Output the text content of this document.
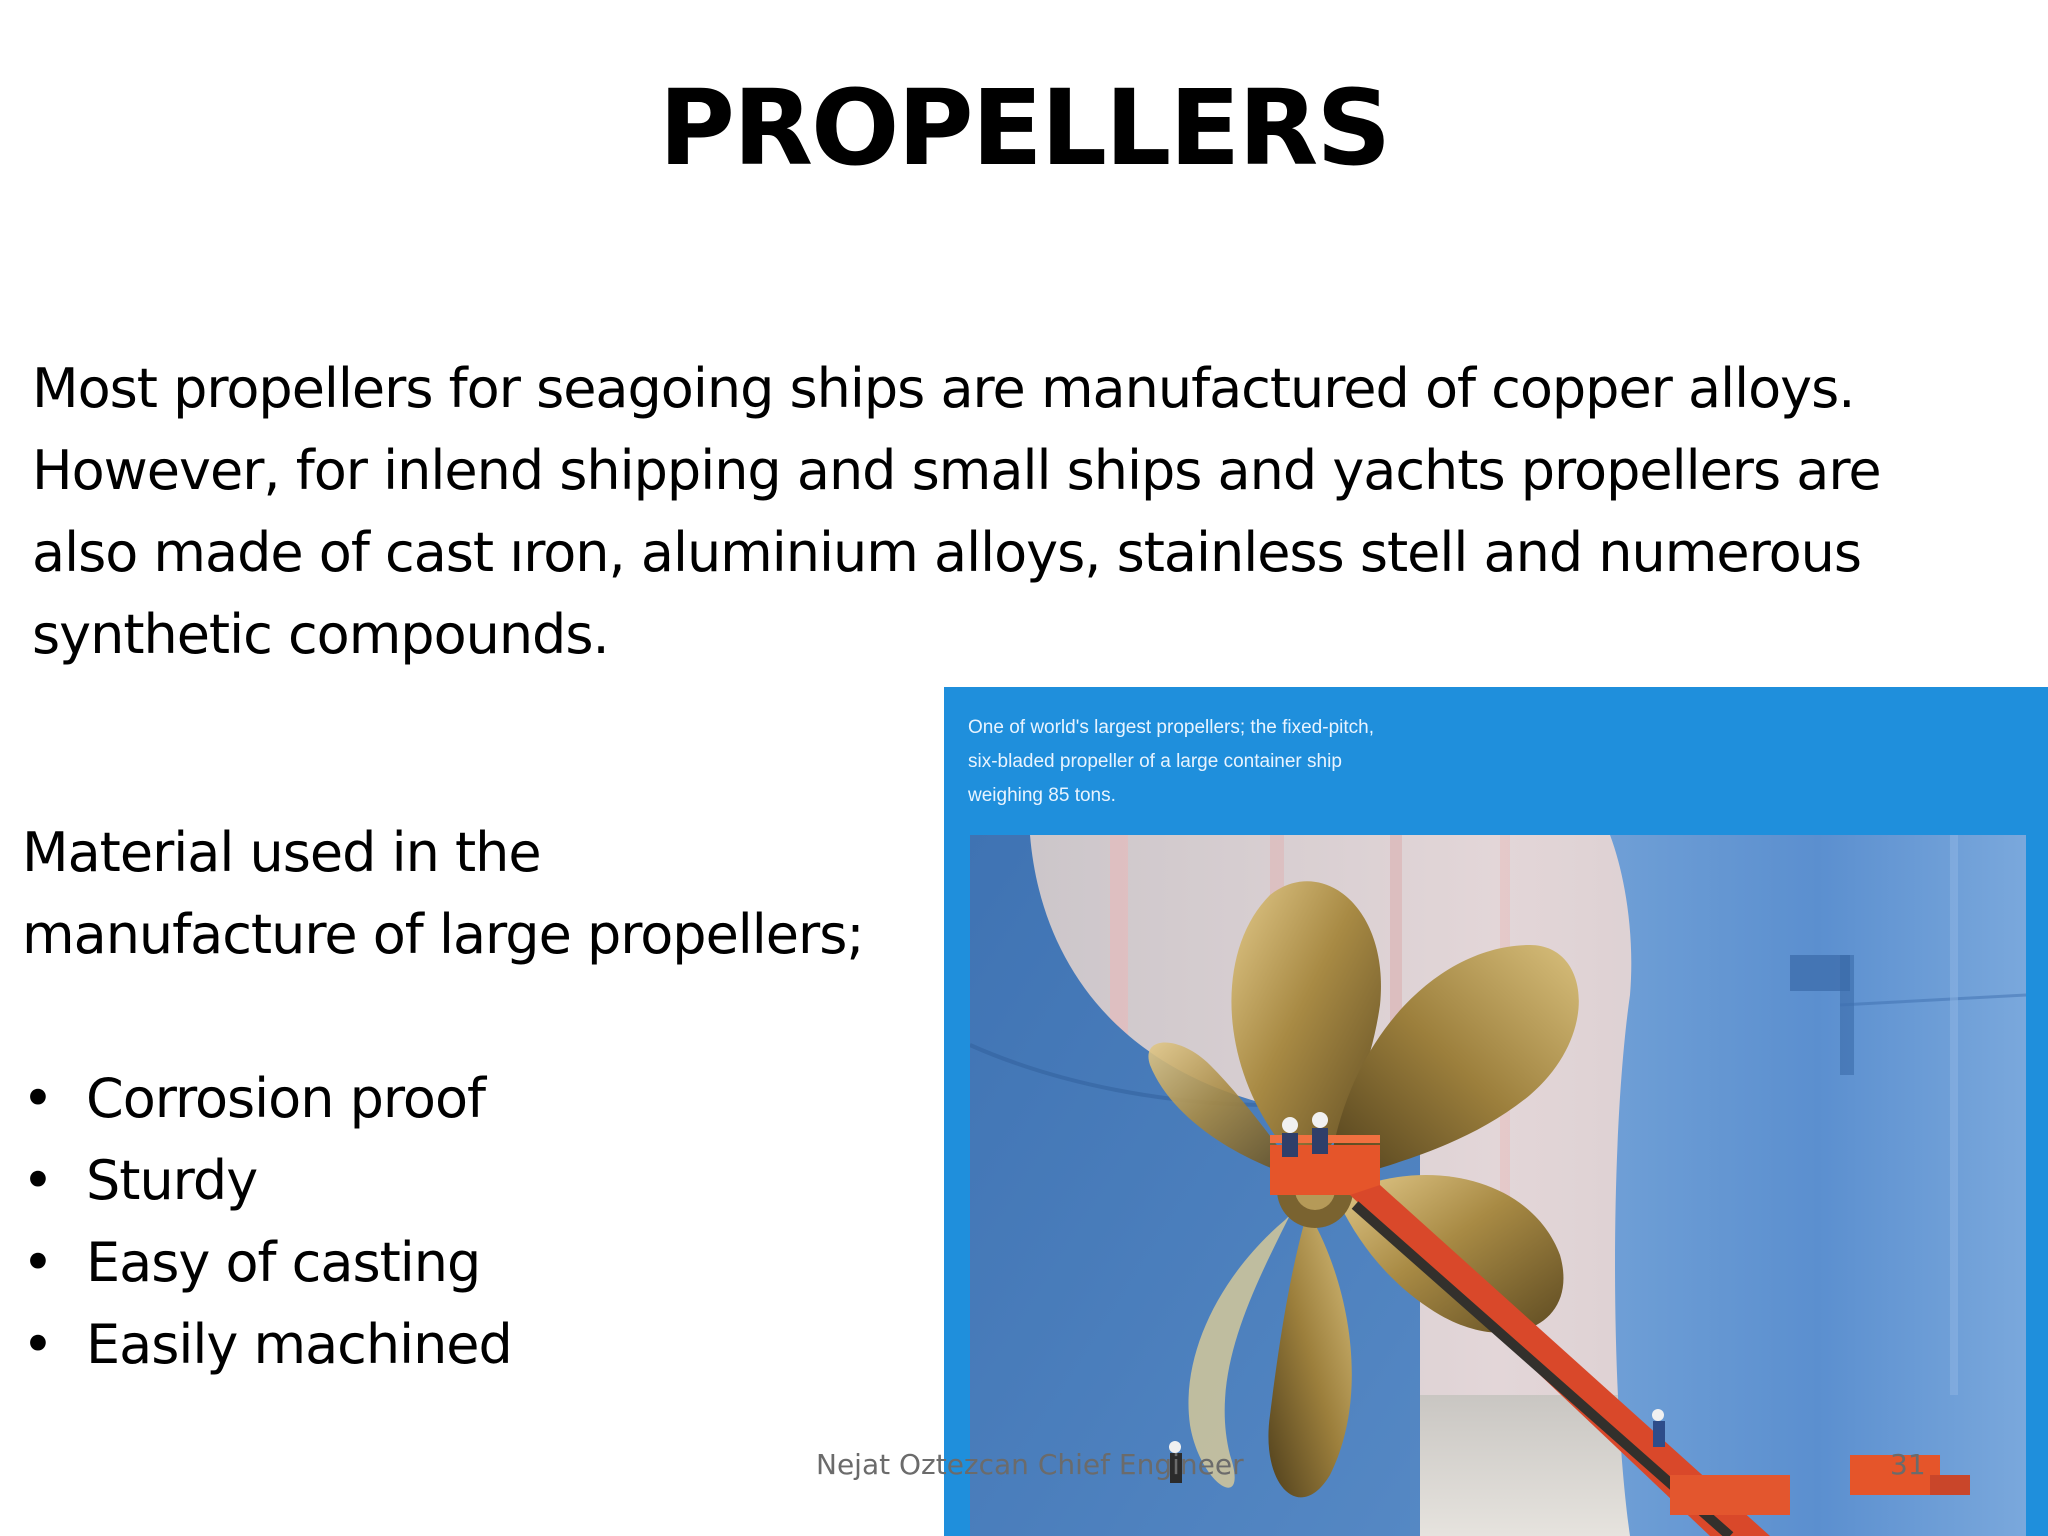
PROPELLERS
Most propellers for seagoing ships are manufactured of copper alloys.
However, for inlend shipping and small ships and yachts propellers are
also made of cast ıron, aluminium alloys, stainless stell and numerous
synthetic compounds.
Material used in the
manufacture of large propellers;
• Corrosion proof
• Sturdy
• Easy of casting
• Easily machined
One of world's largest propellers; the fixed-pitch,
six-bladed propeller of a large container ship
weighing 85 tons.
Nejat Oztezcan Chief Engineer	31
